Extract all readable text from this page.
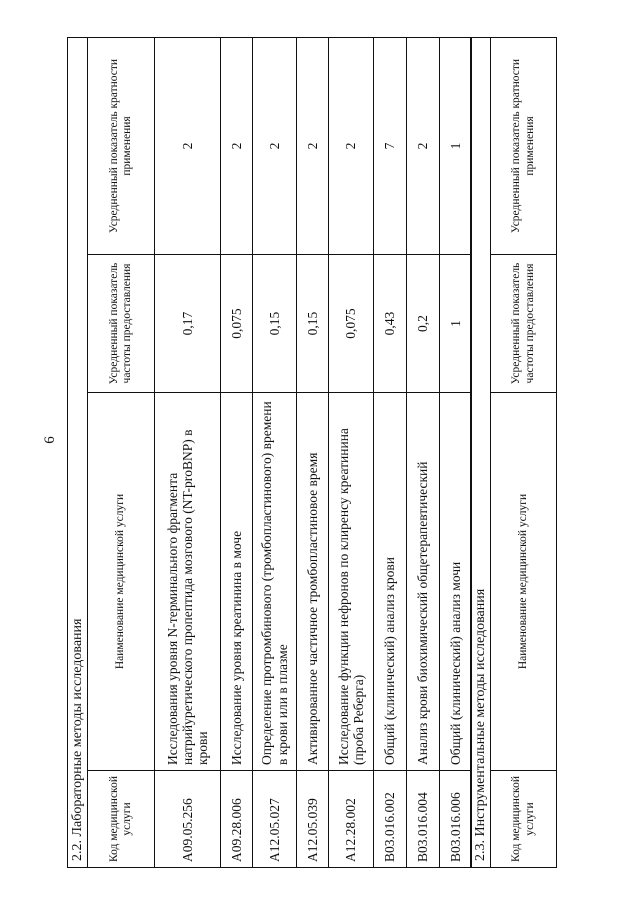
6
2.2. Лабораторные методы исследования			
Код медицинской услуги	Наименование медицинской услуги	Усредненный показатель частоты предоставления	Усредненный показатель кратности применения
A09.05.256	Исследования уровня N-терминального фрагмента натрийуретического пропептида мозгового (NT-proBNP) в крови	0,17	2
A09.28.006	Исследование уровня креатинина в моче	0,075	2
A12.05.027	Определение протромбинового (тромбопластинового) времени в крови или в плазме	0,15	2
A12.05.039	Активированное частичное тромбопластиновое время	0,15	2
A12.28.002	Исследование функции нефронов по клиренсу креатинина (проба Реберга)	0,075	2
B03.016.002	Общий (клинический) анализ крови	0,43	7
B03.016.004	Анализ крови биохимический общетерапевтический	0,2	2
B03.016.006	Общий (клинический) анализ мочи	1	1
2.3. Инструментальные методы исследования
Код медицинской услуги	Наименование медицинской услуги	Усредненный показатель частоты предоставления	Усредненный показатель кратности применения
